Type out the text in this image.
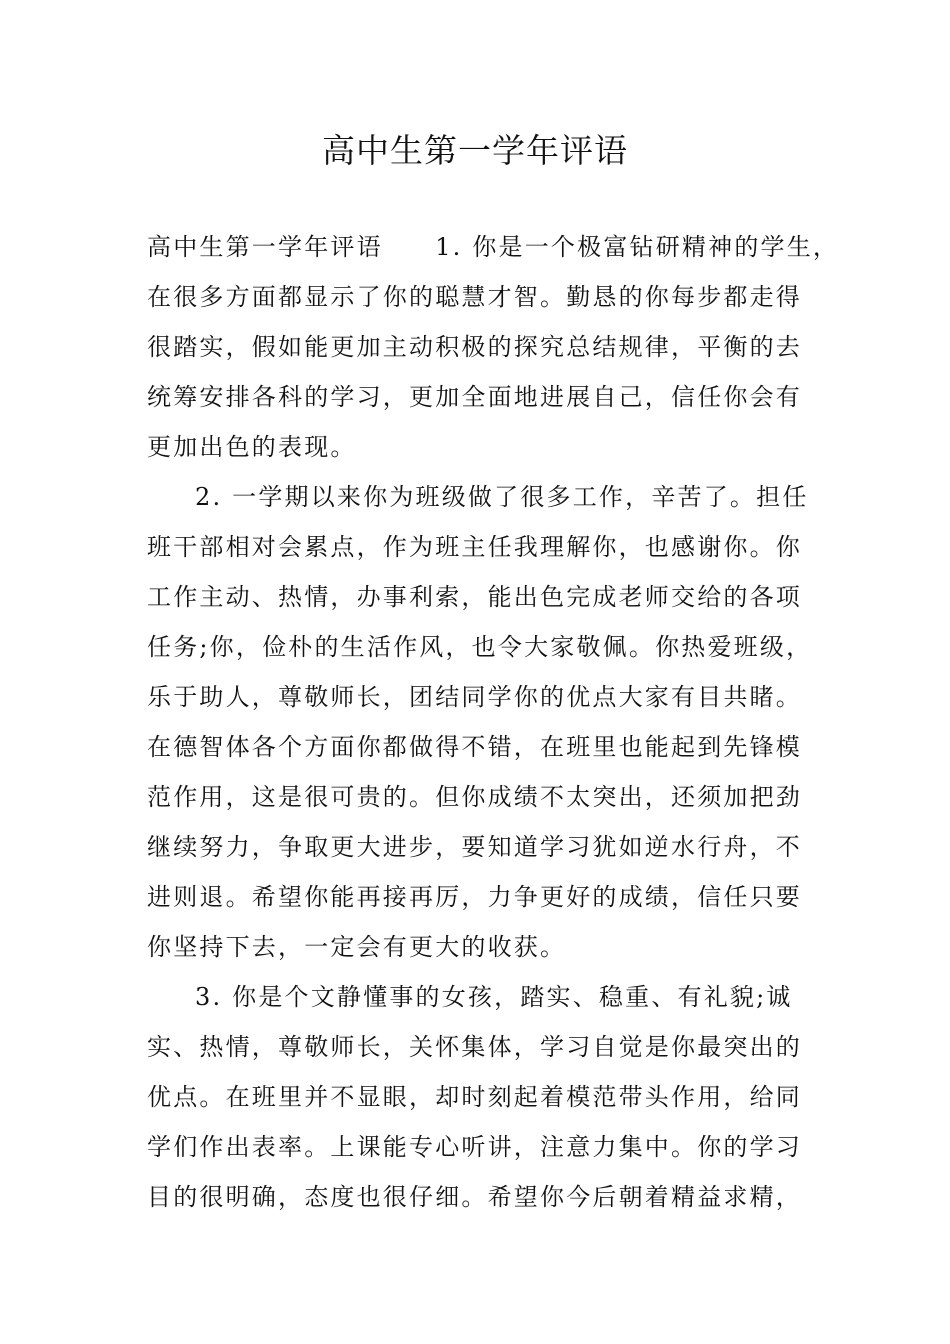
高中生第一学年评语
高中生第一学年评语　　1. 你是一个极富钻研精神的学生，
在很多方面都显示了你的聪慧才智。勤恳的你每步都走得
很踏实，假如能更加主动积极的探究总结规律，平衡的去
统筹安排各科的学习，更加全面地进展自己，信任你会有
更加出色的表现。
2. 一学期以来你为班级做了很多工作，辛苦了。担任
班干部相对会累点，作为班主任我理解你，也感谢你。你
工作主动、热情，办事利索，能出色完成老师交给的各项
任务;你，俭朴的生活作风，也令大家敬佩。你热爱班级，
乐于助人，尊敬师长，团结同学你的优点大家有目共睹。
在德智体各个方面你都做得不错，在班里也能起到先锋模
范作用，这是很可贵的。但你成绩不太突出，还须加把劲
继续努力，争取更大进步，要知道学习犹如逆水行舟，不
进则退。希望你能再接再厉，力争更好的成绩，信任只要
你坚持下去，一定会有更大的收获。
3. 你是个文静懂事的女孩，踏实、稳重、有礼貌;诚
实、热情，尊敬师长，关怀集体，学习自觉是你最突出的
优点。在班里并不显眼，却时刻起着模范带头作用，给同
学们作出表率。上课能专心听讲，注意力集中。你的学习
目的很明确，态度也很仔细。希望你今后朝着精益求精，
